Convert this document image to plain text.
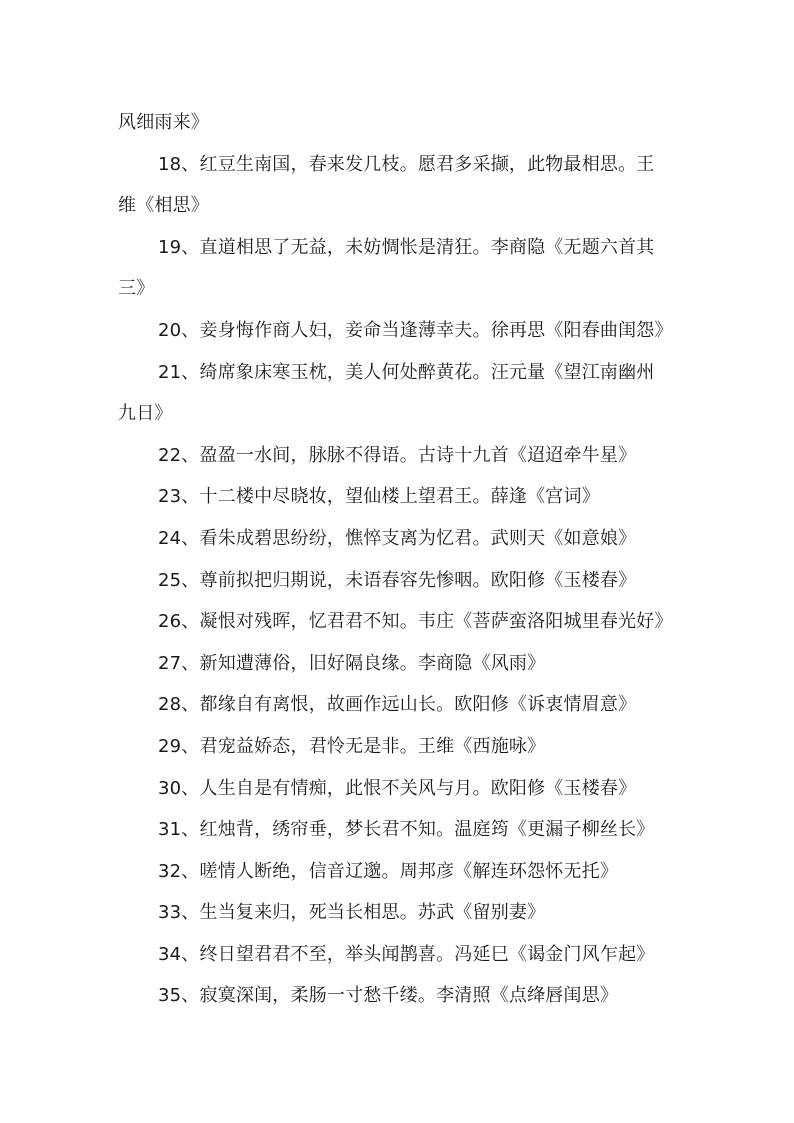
风细雨来》
18、红豆生南国，春来发几枝。愿君多采撷，此物最相思。王
维《相思》
19、直道相思了无益，未妨惆怅是清狂。李商隐《无题六首其
三》
20、妾身悔作商人妇，妾命当逢薄幸夫。徐再思《阳春曲闺怨》
21、绮席象床寒玉枕，美人何处醉黄花。汪元量《望江南幽州
九日》
22、盈盈一水间，脉脉不得语。古诗十九首《迢迢牵牛星》
23、十二楼中尽晓妆，望仙楼上望君王。薛逢《宫词》
24、看朱成碧思纷纷，憔悴支离为忆君。武则天《如意娘》
25、尊前拟把归期说，未语春容先惨咽。欧阳修《玉楼春》
26、凝恨对残晖，忆君君不知。韦庄《菩萨蛮洛阳城里春光好》
27、新知遭薄俗，旧好隔良缘。李商隐《风雨》
28、都缘自有离恨，故画作远山长。欧阳修《诉衷情眉意》
29、君宠益娇态，君怜无是非。王维《西施咏》
30、人生自是有情痴，此恨不关风与月。欧阳修《玉楼春》
31、红烛背，绣帘垂，梦长君不知。温庭筠《更漏子柳丝长》
32、嗟情人断绝，信音辽邈。周邦彦《解连环怨怀无托》
33、生当复来归，死当长相思。苏武《留别妻》
34、终日望君君不至，举头闻鹊喜。冯延巳《谒金门风乍起》
35、寂寞深闺，柔肠一寸愁千缕。李清照《点绛唇闺思》
